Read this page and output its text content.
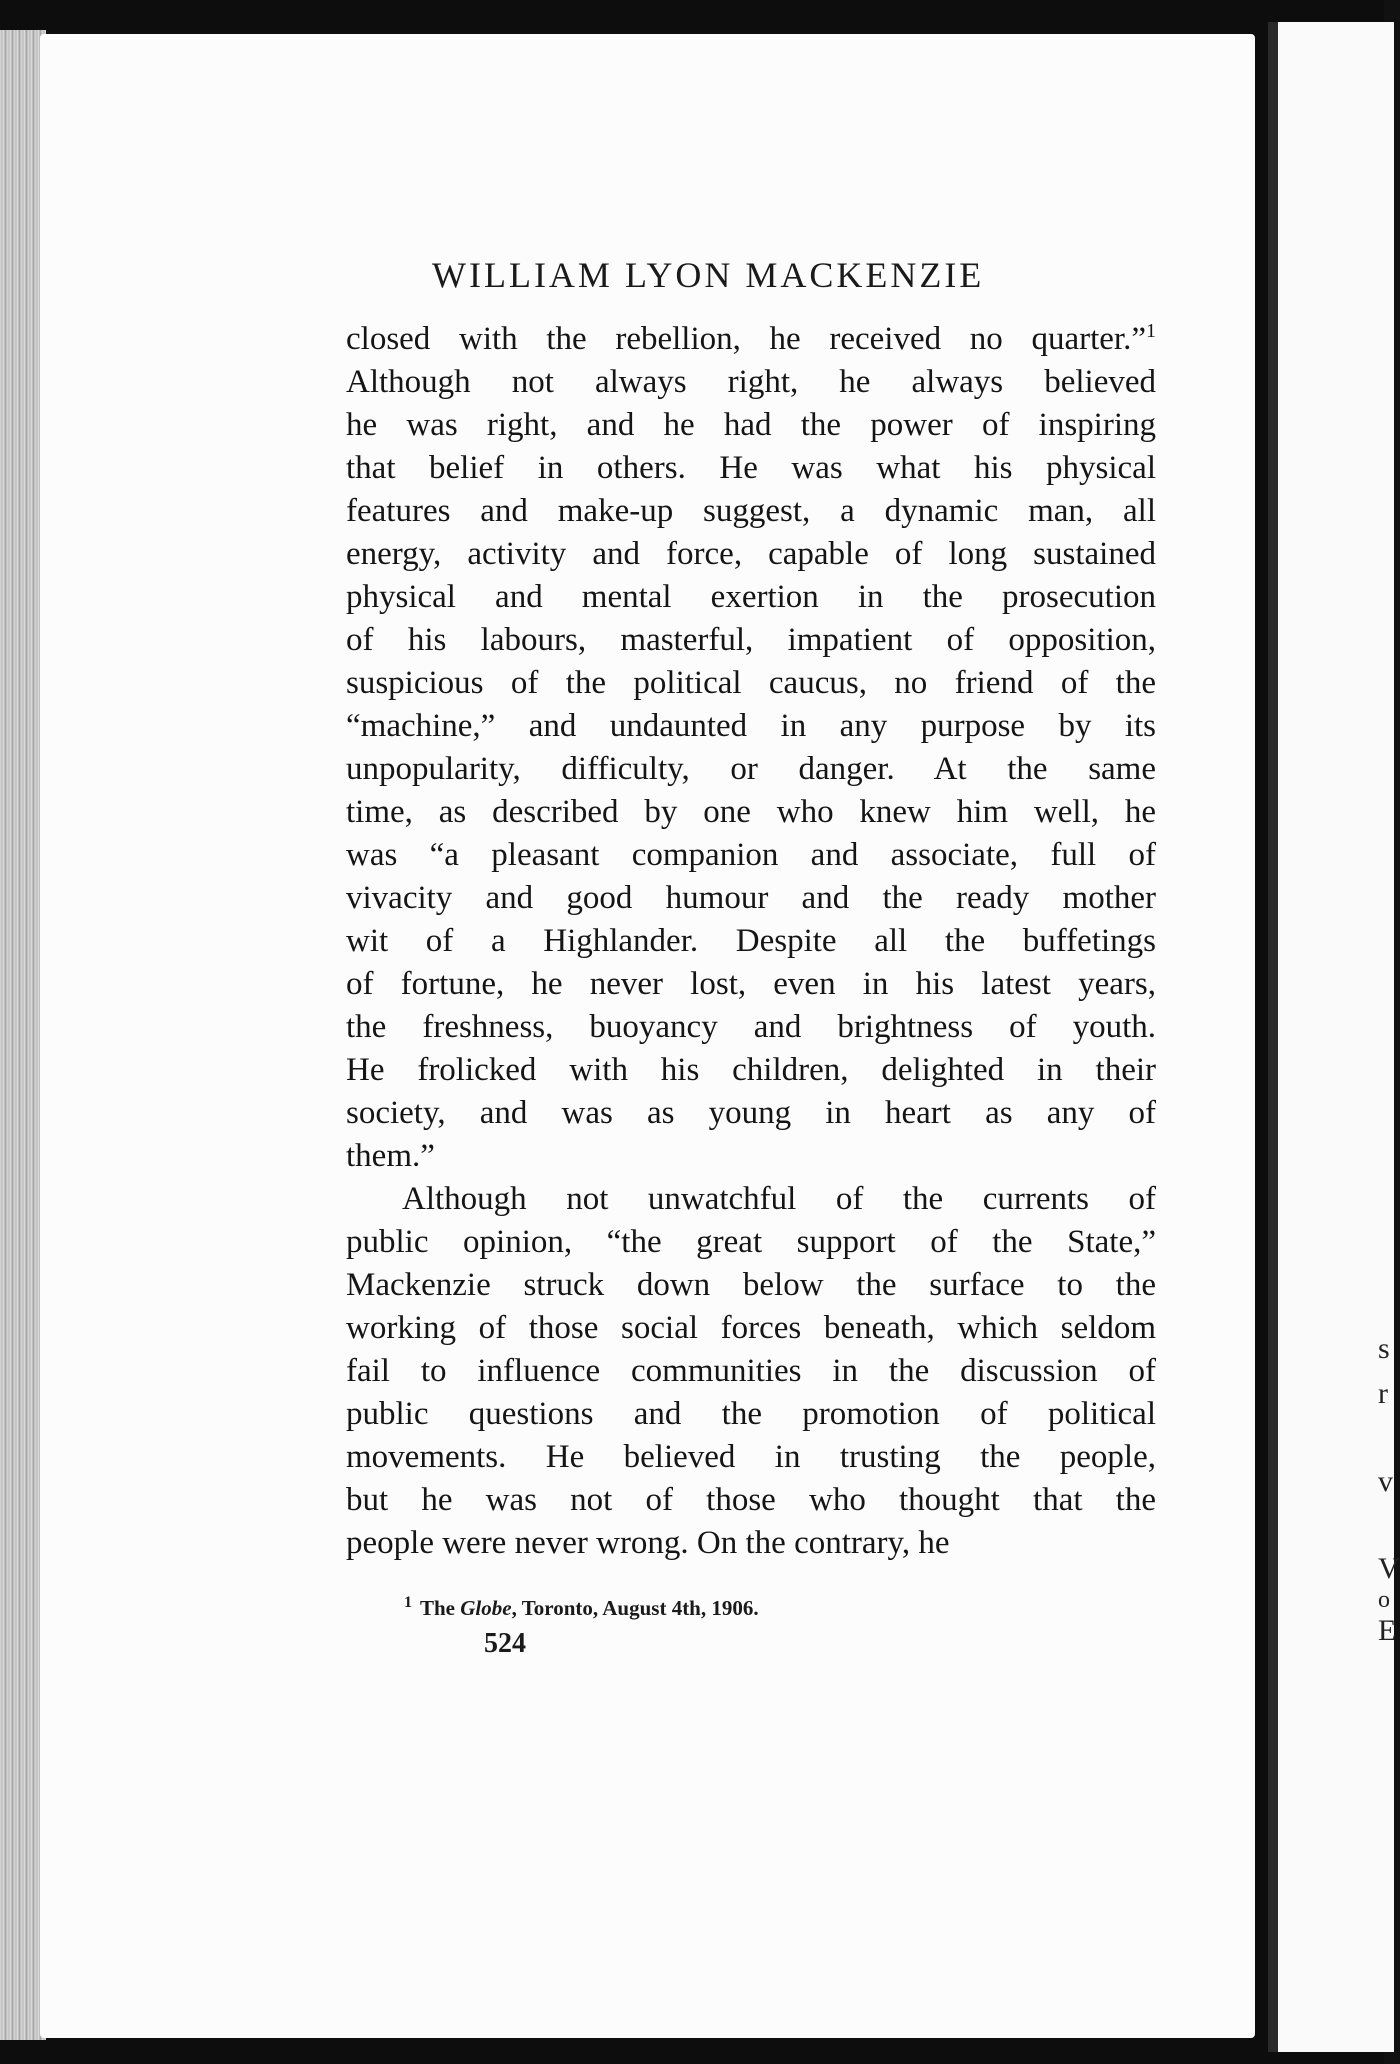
s
r
v
V
o
E
WILLIAM LYON MACKENZIE
closed with the rebellion, he received no quarter.”$^1$
Although not always right, he always believed
he was right, and he had the power of inspiring
that belief in others. He was what his physical
features and make-up suggest, a dynamic man, all
energy, activity and force, capable of long sustained
physical and mental exertion in the prosecution
of his labours, masterful, impatient of opposition,
suspicious of the political caucus, no friend of the
“machine,” and undaunted in any purpose by its
unpopularity, difficulty, or danger. At the same
time, as described by one who knew him well, he
was “a pleasant companion and associate, full of
vivacity and good humour and the ready mother
wit of a Highlander. Despite all the buffetings
of fortune, he never lost, even in his latest years,
the freshness, buoyancy and brightness of youth.
He frolicked with his children, delighted in their
society, and was as young in heart as any of
them.”
Although not unwatchful of the currents of
public opinion, “the great support of the State,”
Mackenzie struck down below the surface to the
working of those social forces beneath, which seldom
fail to influence communities in the discussion of
public questions and the promotion of political
movements. He believed in trusting the people,
but he was not of those who thought that the
people were never wrong. On the contrary, he
$^1$ The Globe, Toronto, August 4th, 1906.
524
